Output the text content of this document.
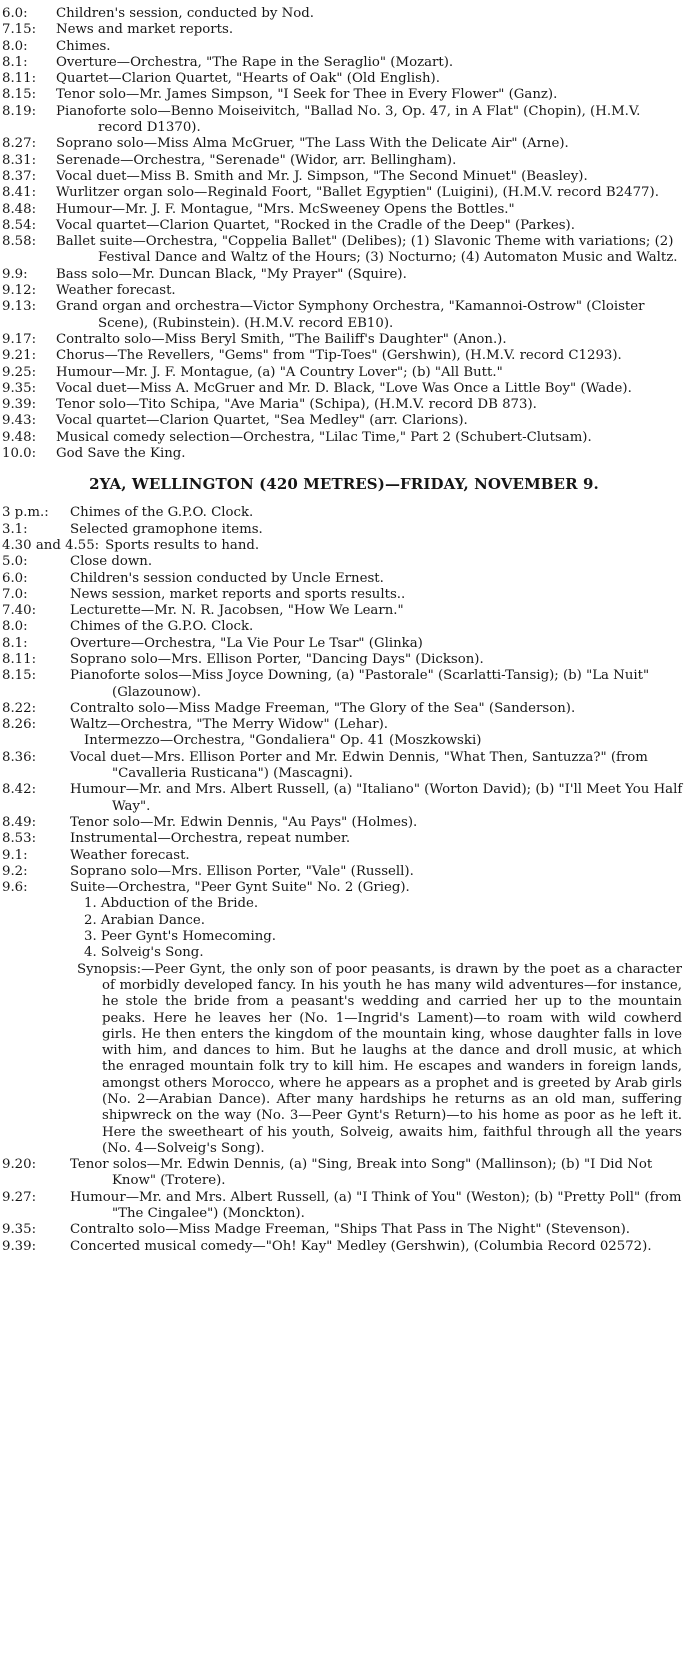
6.0:	Children's session, conducted by Nod.
7.15:	News and market reports.
8.0:	Chimes.
8.1:	Overture—Orchestra, "The Rape in the Seraglio" (Mozart).
8.11:	Quartet—Clarion Quartet, "Hearts of Oak" (Old English).
8.15:	Tenor solo—Mr. James Simpson, "I Seek for Thee in Every Flower" (Ganz).
8.19:	Pianoforte solo—Benno Moiseivitch, "Ballad No. 3, Op. 47, in A Flat" (Chopin), (H.M.V. record D1370).
8.27:	Soprano solo—Miss Alma McGruer, "The Lass With the Delicate Air" (Arne).
8.31:	Serenade—Orchestra, "Serenade" (Widor, arr. Bellingham).
8.37:	Vocal duet—Miss B. Smith and Mr. J. Simpson, "The Second Minuet" (Beasley).
8.41:	Wurlitzer organ solo—Reginald Foort, "Ballet Egyptien" (Luigini), (H.M.V. record B2477).
8.48:	Humour—Mr. J. F. Montague, "Mrs. McSweeney Opens the Bottles."
8.54:	Vocal quartet—Clarion Quartet, "Rocked in the Cradle of the Deep" (Parkes).
8.58:	Ballet suite—Orchestra, "Coppelia Ballet" (Delibes); (1) Slavonic Theme with variations; (2) Festival Dance and Waltz of the Hours; (3) Nocturno; (4) Automaton Music and Waltz.
9.9:	Bass solo—Mr. Duncan Black, "My Prayer" (Squire).
9.12:	Weather forecast.
9.13:	Grand organ and orchestra—Victor Symphony Orchestra, "Kamannoi-Ostrow" (Cloister Scene), (Rubinstein). (H.M.V. record EB10).
9.17:	Contralto solo—Miss Beryl Smith, "The Bailiff's Daughter" (Anon.).
9.21:	Chorus—The Revellers, "Gems" from "Tip-Toes" (Gershwin), (H.M.V. record C1293).
9.25:	Humour—Mr. J. F. Montague, (a) "A Country Lover"; (b) "All Butt."
9.35:	Vocal duet—Miss A. McGruer and Mr. D. Black, "Love Was Once a Little Boy" (Wade).
9.39:	Tenor solo—Tito Schipa, "Ave Maria" (Schipa), (H.M.V. record DB 873).
9.43:	Vocal quartet—Clarion Quartet, "Sea Medley" (arr. Clarions).
9.48:	Musical comedy selection—Orchestra, "Lilac Time," Part 2 (Schubert-Clutsam).
10.0:	God Save the King.
2YA, WELLINGTON (420 METRES)—FRIDAY, NOVEMBER 9.
3 p.m.:	Chimes of the G.P.O. Clock.
3.1:	Selected gramophone items.
4.30 and 4.55: Sports results to hand.
5.0:	Close down.
6.0:	Children's session conducted by Uncle Ernest.
7.0:	News session, market reports and sports results..
7.40:	Lecturette—Mr. N. R. Jacobsen, "How We Learn."
8.0:	Chimes of the G.P.O. Clock.
8.1:	Overture—Orchestra, "La Vie Pour Le Tsar" (Glinka)
8.11:	Soprano solo—Mrs. Ellison Porter, "Dancing Days" (Dickson).
8.15:	Pianoforte solos—Miss Joyce Downing, (a) "Pastorale" (Scarlatti-Tansig); (b) "La Nuit" (Glazounow).
8.22:	Contralto solo—Miss Madge Freeman, "The Glory of the Sea" (Sanderson).
8.26:	Waltz—Orchestra, "The Merry Widow" (Lehar).
Intermezzo—Orchestra, "Gondaliera" Op. 41 (Moszkowski)
8.36:	Vocal duet—Mrs. Ellison Porter and Mr. Edwin Dennis, "What Then, Santuzza?" (from "Cavalleria Rusticana") (Mascagni).
8.42:	Humour—Mr. and Mrs. Albert Russell, (a) "Italiano" (Worton David); (b) "I'll Meet You Half Way".
8.49:	Tenor solo—Mr. Edwin Dennis, "Au Pays" (Holmes).
8.53:	Instrumental—Orchestra, repeat number.
9.1:	Weather forecast.
9.2:	Soprano solo—Mrs. Ellison Porter, "Vale" (Russell).
9.6:	Suite—Orchestra, "Peer Gynt Suite" No. 2 (Grieg).
1. Abduction of the Bride.
2. Arabian Dance.
3. Peer Gynt's Homecoming.
4. Solveig's Song.
Synopsis:—Peer Gynt, the only son of poor peasants, is drawn by the poet as a character of morbidly developed fancy. In his youth he has many wild adventures—for instance, he stole the bride from a peasant's wedding and carried her up to the mountain peaks. Here he leaves her (No. 1—Ingrid's Lament)—to roam with wild cowherd girls. He then enters the kingdom of the mountain king, whose daughter falls in love with him, and dances to him. But he laughs at the dance and droll music, at which the enraged mountain folk try to kill him. He escapes and wanders in foreign lands, amongst others Morocco, where he appears as a prophet and is greeted by Arab girls (No. 2—Arabian Dance). After many hardships he returns as an old man, suffering shipwreck on the way (No. 3—Peer Gynt's Return)—to his home as poor as he left it. Here the sweetheart of his youth, Solveig, awaits him, faithful through all the years (No. 4—Solveig's Song).
9.20:	Tenor solos—Mr. Edwin Dennis, (a) "Sing, Break into Song" (Mallinson); (b) "I Did Not Know" (Trotere).
9.27:	Humour—Mr. and Mrs. Albert Russell, (a) "I Think of You" (Weston); (b) "Pretty Poll" (from "The Cingalee") (Monckton).
9.35:	Contralto solo—Miss Madge Freeman, "Ships That Pass in The Night" (Stevenson).
9.39:	Concerted musical comedy—"Oh! Kay" Medley (Gershwin), (Columbia Record 02572).
